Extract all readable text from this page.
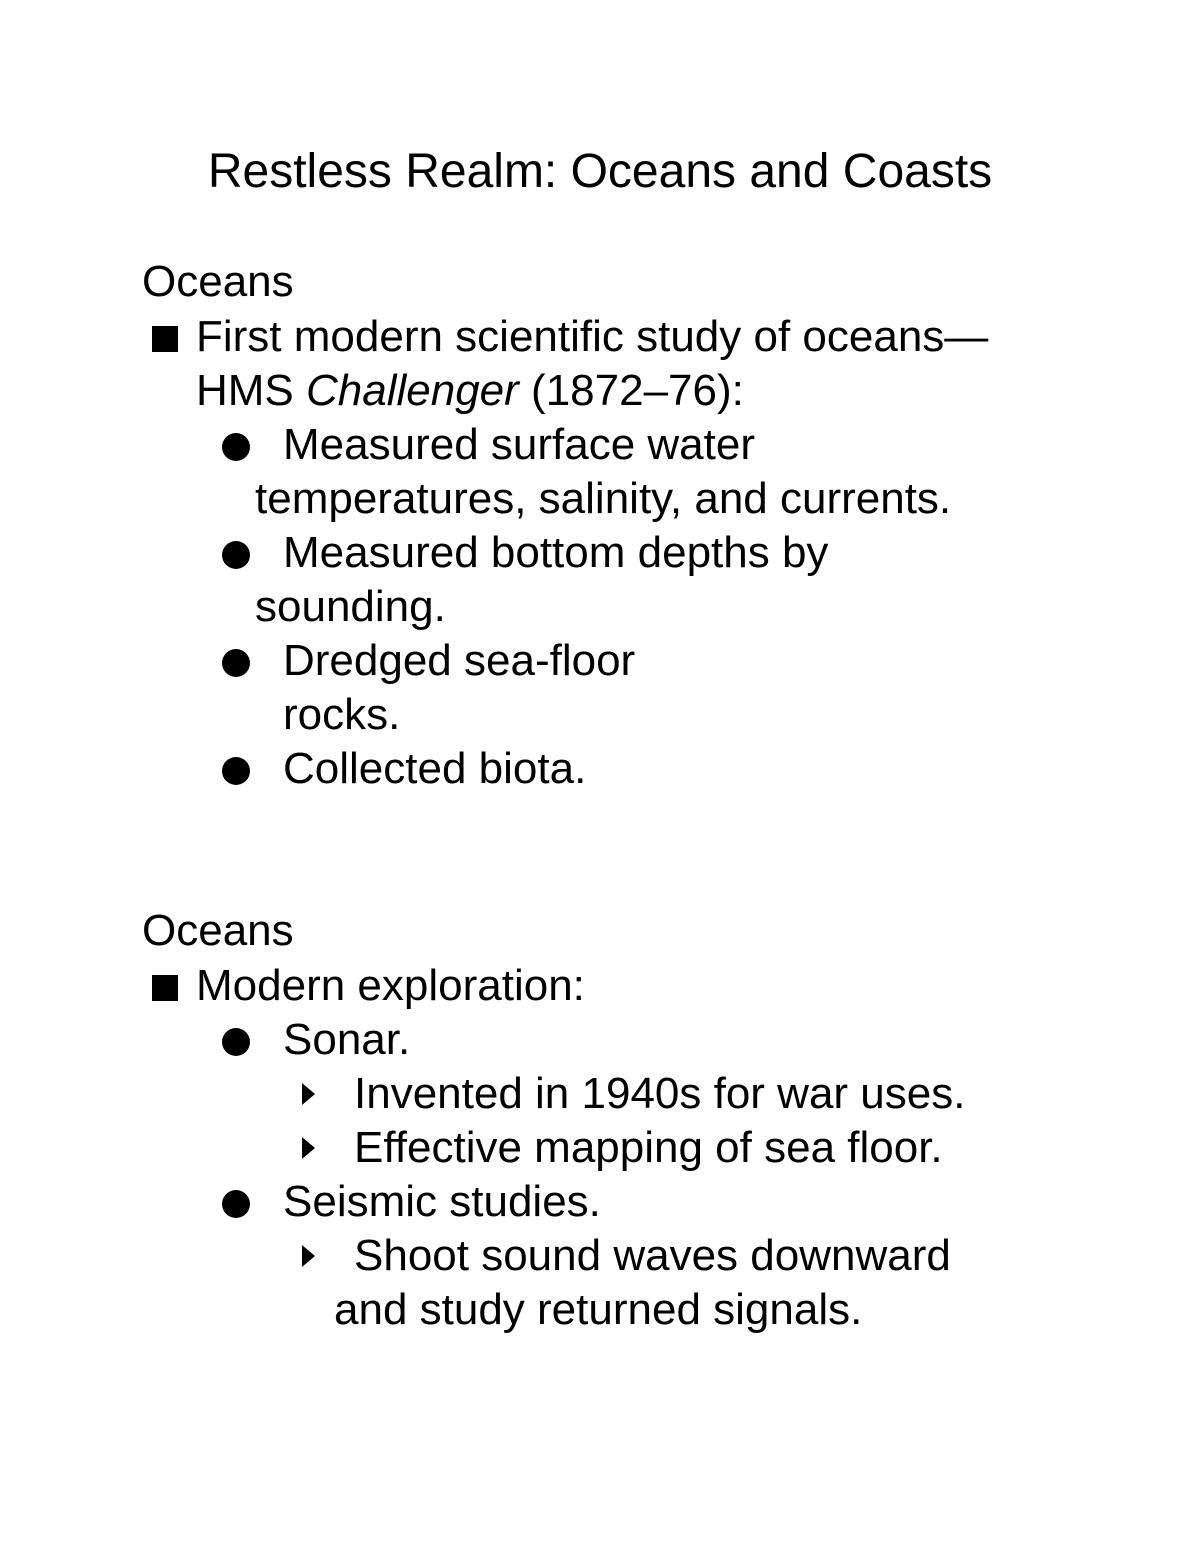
Restless Realm: Oceans and Coasts
Oceans
First modern scientific study of oceans—
HMS Challenger (1872–76):
Measured surface water
temperatures, salinity, and currents.
Measured bottom depths by
sounding.
Dredged sea-floor
rocks.
Collected biota.
Oceans
Modern exploration:
Sonar.
Invented in 1940s for war uses.
Effective mapping of sea floor.
Seismic studies.
Shoot sound waves downward
and study returned signals.
